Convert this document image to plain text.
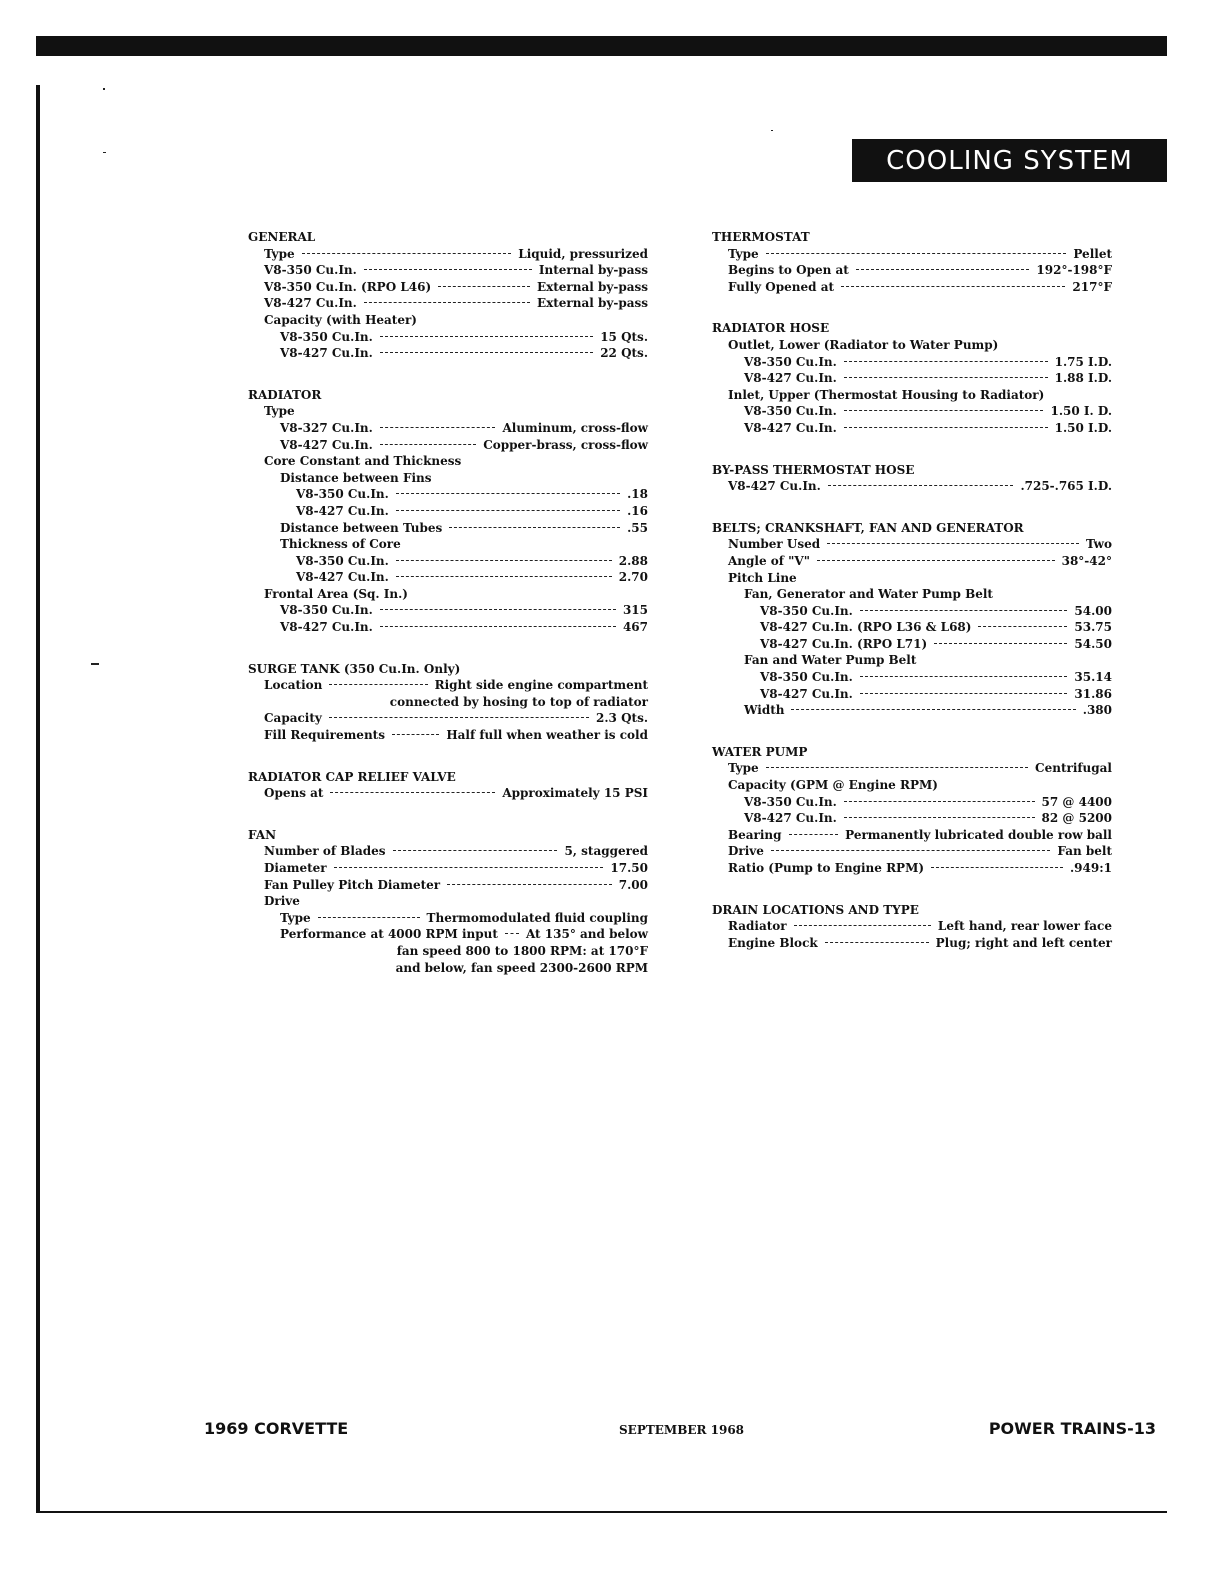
COOLING SYSTEM
GENERAL
Type	Liquid, pressurized
V8-350 Cu.In.	Internal by-pass
V8-350 Cu.In. (RPO L46)	External by-pass
V8-427 Cu.In.	External by-pass
Capacity (with Heater)
V8-350 Cu.In.	15 Qts.
V8-427 Cu.In.	22 Qts.
RADIATOR
Type
V8-327 Cu.In.	Aluminum, cross-flow
V8-427 Cu.In.	Copper-brass, cross-flow
Core Constant and Thickness
Distance between Fins
V8-350 Cu.In.	.18
V8-427 Cu.In.	.16
Distance between Tubes	.55
Thickness of Core
V8-350 Cu.In.	2.88
V8-427 Cu.In.	2.70
Frontal Area (Sq. In.)
V8-350 Cu.In.	315
V8-427 Cu.In.	467
SURGE TANK (350 Cu.In. Only)
Location	Right side engine compartment
connected by hosing to top of radiator
Capacity	2.3 Qts.
Fill Requirements	Half full when weather is cold
RADIATOR CAP RELIEF VALVE
Opens at	Approximately 15 PSI
FAN
Number of Blades	5, staggered
Diameter	17.50
Fan Pulley Pitch Diameter	7.00
Drive
Type	Thermomodulated fluid coupling
Performance at 4000 RPM input At 135° and below
fan speed 800 to 1800 RPM: at 170°F
and below, fan speed 2300-2600 RPM
THERMOSTAT
Type	Pellet
Begins to Open at	192°-198°F
Fully Opened at	217°F
RADIATOR HOSE
Outlet, Lower (Radiator to Water Pump)
V8-350 Cu.In.	1.75 I.D.
V8-427 Cu.In.	1.88 I.D.
Inlet, Upper (Thermostat Housing to Radiator)
V8-350 Cu.In.	1.50 I. D.
V8-427 Cu.In.	1.50 I.D.
BY-PASS THERMOSTAT HOSE
V8-427 Cu.In.	.725-.765 I.D.
BELTS; CRANKSHAFT, FAN AND GENERATOR
Number Used	Two
Angle of "V"	38°-42°
Pitch Line
Fan, Generator and Water Pump Belt
V8-350 Cu.In.	54.00
V8-427 Cu.In. (RPO L36 & L68)	53.75
V8-427 Cu.In. (RPO L71)	54.50
Fan and Water Pump Belt
V8-350 Cu.In.	35.14
V8-427 Cu.In.	31.86
Width	.380
WATER PUMP
Type	Centrifugal
Capacity (GPM @ Engine RPM)
V8-350 Cu.In.	57 @ 4400
V8-427 Cu.In.	82 @ 5200
Bearing	Permanently lubricated double row ball
Drive	Fan belt
Ratio (Pump to Engine RPM)	.949:1
DRAIN LOCATIONS AND TYPE
Radiator	Left hand, rear lower face
Engine Block	Plug; right and left center
1969 CORVETTE	SEPTEMBER 1968	POWER TRAINS-13
